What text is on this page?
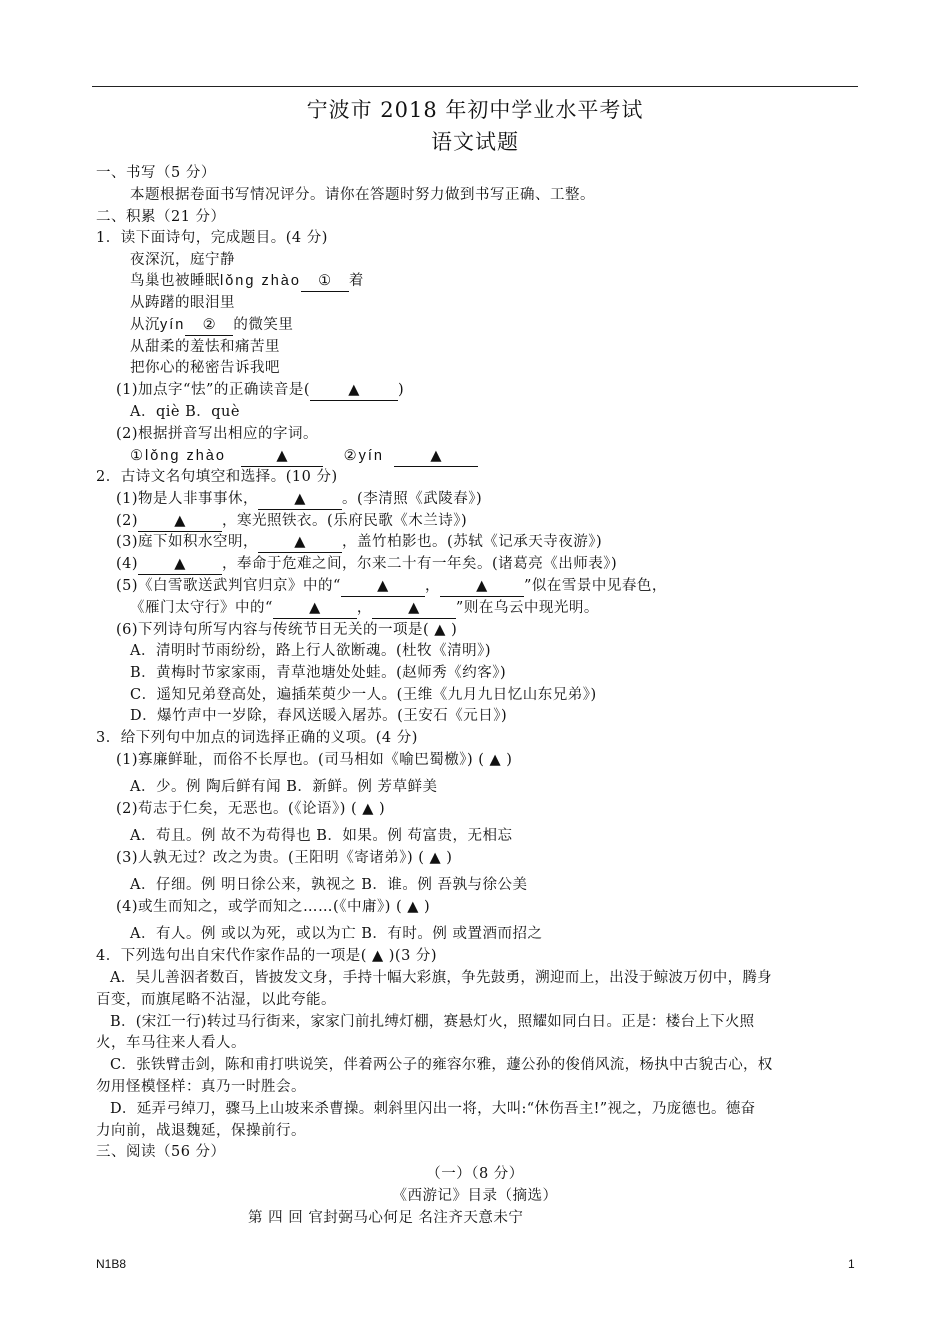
宁波市 2018 年初中学业水平考试
语文试题
一、书写（5 分）
本题根据卷面书写情况评分。请你在答题时努力做到书写正确、工整。
二、积累（21 分）
1．读下面诗句，完成题目。(4 分)
夜深沉，庭宁静
鸟巢也被睡眠lǒng zhào ① 着
从踌躇的眼泪里
从沉yín ② 的微笑里
从甜柔的羞怯和痛苦里
把你心的秘密告诉我吧
(1)加点字“怯”的正确读音是(	▲	)
A．qiè B．què
(2)根据拼音写出相应的字词。
①lǒng zhào	▲	②yín	▲
2．古诗文名句填空和选择。(10 分)
(1)物是人非事事休， ▲ 。(李清照《武陵春》)
(2) ▲ ，寒光照铁衣。(乐府民歌《木兰诗》)
(3)庭下如积水空明， ▲ ，盖竹柏影也。(苏轼《记承天寺夜游》)
(4) ▲ ，奉命于危难之间，尔来二十有一年矣。(诸葛亮《出师表》)
(5)《白雪歌送武判官归京》中的“ ▲ ， ▲ ”似在雪景中见春色，
《雁门太守行》中的“ ▲ ， ▲ ”则在乌云中现光明。
(6)下列诗句所写内容与传统节日无关的一项是( ▲ )
A．清明时节雨纷纷，路上行人欲断魂。(杜牧《清明》)
B．黄梅时节家家雨，青草池塘处处蛙。(赵师秀《约客》)
C．遥知兄弟登高处，遍插茱萸少一人。(王维《九月九日忆山东兄弟》)
D．爆竹声中一岁除，春风送暖入屠苏。(王安石《元日》)
3．给下列句中加点的词选择正确的义项。(4 分)
(1)寡廉鲜耻，而俗不长厚也。(司马相如《喻巴蜀檄》) ( ▲ )
A．少。例 陶后鲜有闻 B．新鲜。例 芳草鲜美
(2)苟志于仁矣，无恶也。(《论语》) ( ▲ )
A．苟且。例 故不为苟得也 B．如果。例 苟富贵，无相忘
(3)人孰无过？改之为贵。(王阳明《寄诸弟》) ( ▲ )
A．仔细。例 明日徐公来，孰视之 B．谁。例 吾孰与徐公美
(4)或生而知之，或学而知之……(《中庸》) ( ▲ )
A．有人。例 或以为死，或以为亡 B．有时。例 或置酒而招之
4．下列选句出自宋代作家作品的一项是( ▲ )(3 分)
A．吴儿善泅者数百，皆披发文身，手持十幅大彩旗，争先鼓勇，溯迎而上，出没于鲸波万仞中，腾身
百变，而旗尾略不沾湿，以此夸能。
B．(宋江一行)转过马行街来，家家门前扎缚灯棚，赛悬灯火，照耀如同白日。正是：楼台上下火照
火，车马往来人看人。
C．张铁臂击剑，陈和甫打哄说笑，伴着两公子的雍容尔雅，蘧公孙的俊俏风流，杨执中古貌古心，权
勿用怪模怪样：真乃一时胜会。
D．延弄弓绰刀，骤马上山坡来杀曹操。刺斜里闪出一将，大叫:“休伤吾主!”视之，乃庞德也。德奋
力向前，战退魏延，保操前行。
三、阅读（56 分）
（一）（8 分）
《西游记》目录（摘选）
第 四 回 官封弼马心何足 名注齐天意未宁
N1B8	1
